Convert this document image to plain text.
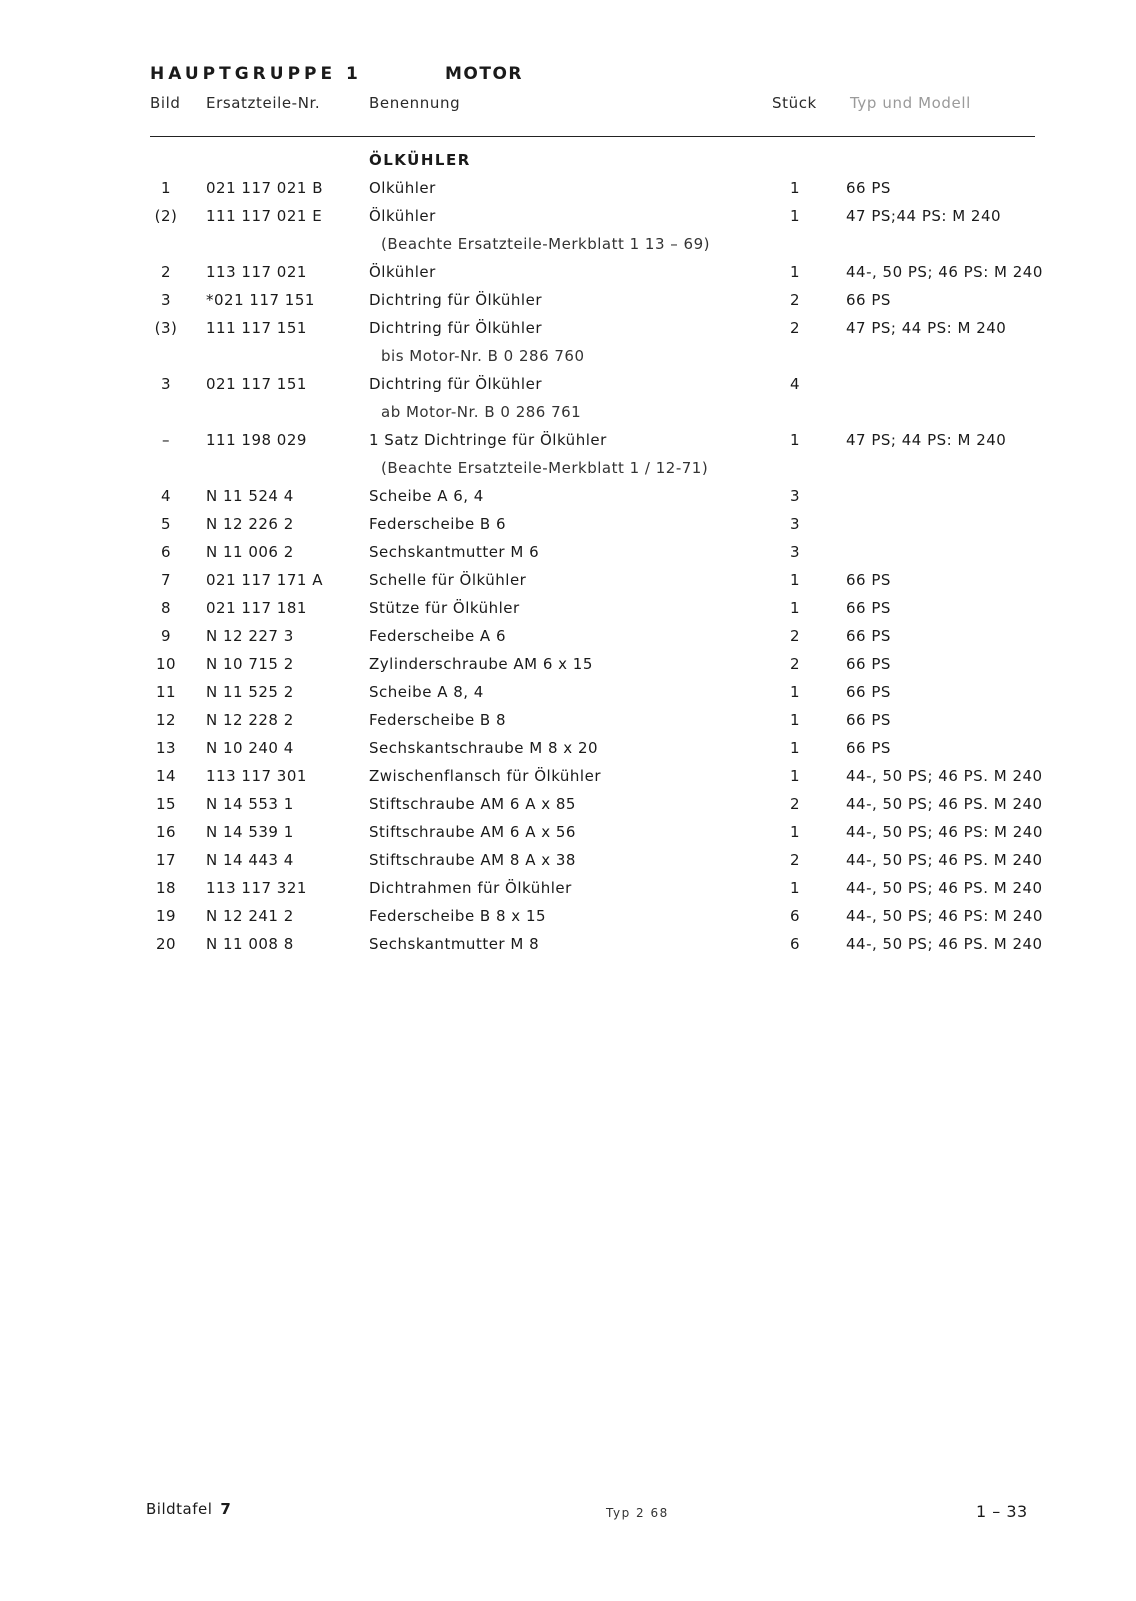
HAUPTGRUPPE 1	MOTOR
Bild Ersatzteile-Nr.	Benennung	Stück Typ und Modell
ÖLKÜHLER
1	021 117 021 B	Olkühler	1	66 PS
(2)	111 117 021 E	Ölkühler	1	47 PS;44 PS: M 240
(Beachte Ersatzteile-Merkblatt 1 13 – 69)
2	113 117 021	Ölkühler	1	44-, 50 PS; 46 PS: M 240
3	*021 117 151	Dichtring für Ölkühler	2	66 PS
(3)	111 117 151	Dichtring für Ölkühler	2	47 PS; 44 PS: M 240
bis Motor-Nr. B 0 286 760
3	021 117 151	Dichtring für Ölkühler	4
ab Motor-Nr. B 0 286 761
–	111 198 029	1 Satz Dichtringe für Ölkühler	1	47 PS; 44 PS: M 240
(Beachte Ersatzteile-Merkblatt 1 / 12-71)
4	N 11 524 4	Scheibe A 6, 4	3
5	N 12 226 2	Federscheibe B 6	3
6	N 11 006 2	Sechskantmutter M 6	3
7	021 117 171 A	Schelle für Ölkühler	1	66 PS
8	021 117 181	Stütze für Ölkühler	1	66 PS
9	N 12 227 3	Federscheibe A 6	2	66 PS
10	N 10 715 2	Zylinderschraube AM 6 x 15	2	66 PS
11	N 11 525 2	Scheibe A 8, 4	1	66 PS
12	N 12 228 2	Federscheibe B 8	1	66 PS
13	N 10 240 4	Sechskantschraube M 8 x 20	1	66 PS
14	113 117 301	Zwischenflansch für Ölkühler	1	44-, 50 PS; 46 PS. M 240
15	N 14 553 1	Stiftschraube AM 6 A x 85	2	44-, 50 PS; 46 PS. M 240
16	N 14 539 1	Stiftschraube AM 6 A x 56	1	44-, 50 PS; 46 PS: M 240
17	N 14 443 4	Stiftschraube AM 8 A x 38	2	44-, 50 PS; 46 PS. M 240
18	113 117 321	Dichtrahmen für Ölkühler	1	44-, 50 PS; 46 PS. M 240
19	N 12 241 2	Federscheibe B 8 x 15	6	44-, 50 PS; 46 PS: M 240
20	N 11 008 8	Sechskantmutter M 8	6	44-, 50 PS; 46 PS. M 240
Bildtafel 7	Typ 2 68	1 – 33
